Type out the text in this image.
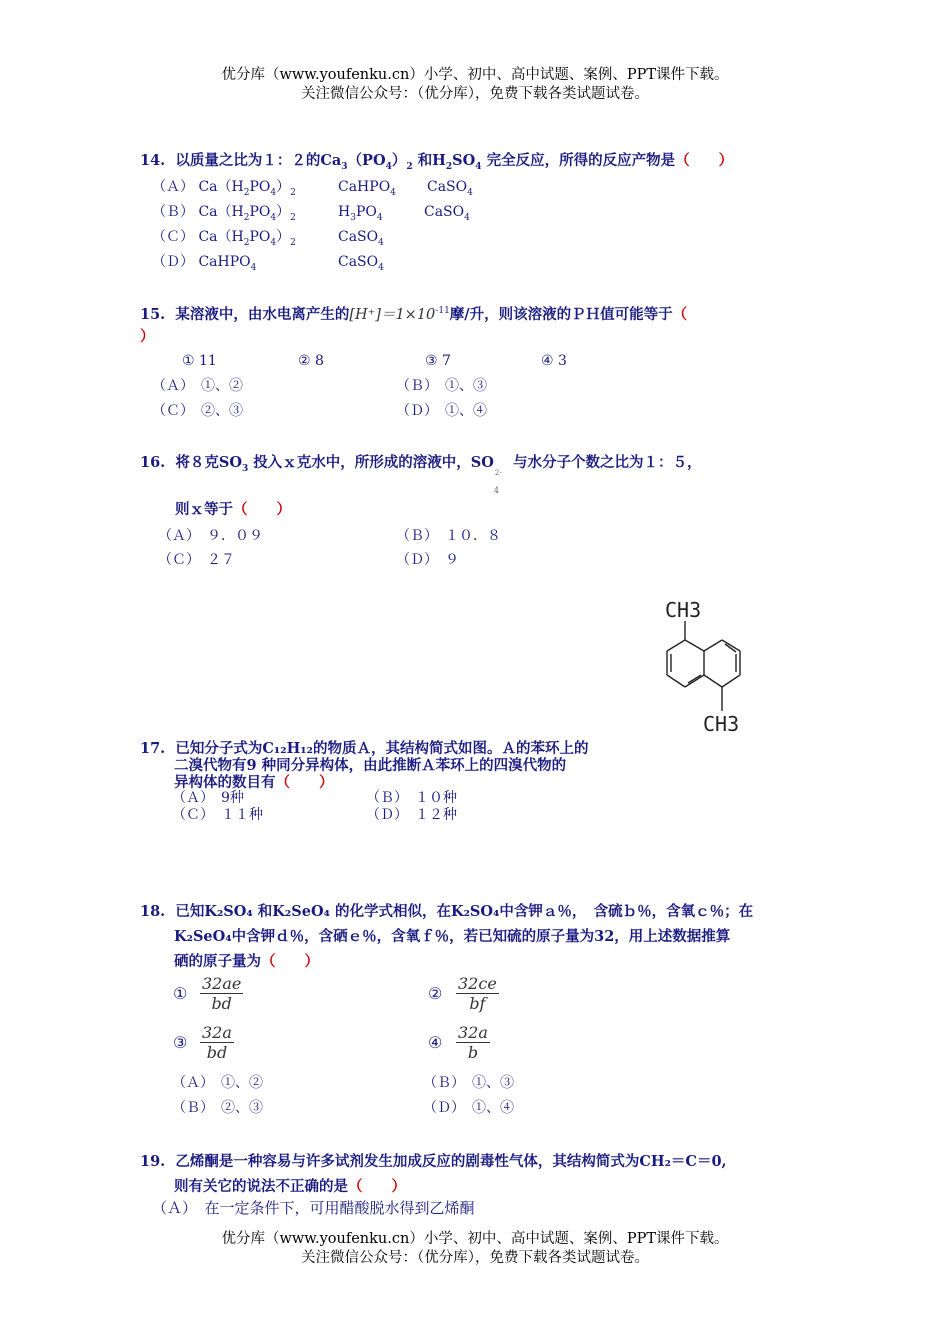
优分库（www.youfenku.cn）小学、初中、高中试题、案例、PPT课件下载。
关注微信公众号：（优分库），免费下载各类试题试卷。
14. 以质量之比为１：２的$Ca_3(PO_4)_2$ 和$H_2SO_4$ 完全反应，所得的反应产物是（　　）
（Ａ） $Ca(H_2PO_4)_2$	CaHPO$_4$ CaSO$_4$
（Ｂ） $Ca(H_2PO_4)_2$	$H_3PO_4$	CaSO$_4$
（Ｃ） $Ca(H_2PO_4)_2$	CaSO$_4$
（Ｄ） CaHPO$_4$	CaSO$_4$
15. 某溶液中，由水电离产生的$[H^+]=1\times 10^{-11}$摩/升，则该溶液的ＰＨ值可能等于（
）
① 11	② 8	③ 7	④ 3
（Ａ）　①、②	（Ｂ）　①、③
（Ｃ）　②、③	（Ｄ）　①、④
16. 将８克$SO_3$ 投入ｘ克水中，所形成的溶液中，SO
2-
4
与水分子个数之比为１：５，
则ｘ等于（　　）
（Ａ）　９．０９	（Ｂ）　１０．８
（Ｃ）　２７	（Ｄ）　９
CH3
CH3
17. 已知分子式为C₁₂H₁₂的物质Ａ，其结构简式如图。Ａ的苯环上的
二溴代物有9 种同分异构体，由此推断Ａ苯环上的四溴代物的
异构体的数目有（　　）
（Ａ）　9种	（Ｂ）　１０种
（Ｃ）　１１种	（Ｄ）　１２种
18. 已知K₂SO₄ 和K₂SeO₄ 的化学式相似，在K₂SO₄中含钾ａ％，　含硫ｂ％，含氧ｃ％；在
K₂SeO₄中含钾ｄ％，含硒ｅ％，含氧ｆ％，若已知硫的原子量为32，用上述数据推算
硒的原子量为（　　）
① $\frac{32ae}{bd}$	② $\frac{32ce}{bf}$
③ $\frac{32a}{bd}$	④ $\frac{32a}{b}$
（Ａ）　①、②	（Ｂ）　①、③
（Ｂ）　②、③	（Ｄ）　①、④
19. 乙烯酮是一种容易与许多试剂发生加成反应的剧毒性气体，其结构简式为CH₂＝C＝0,
则有关它的说法不正确的是（　　）
（Ａ）　在一定条件下，可用醋酸脱水得到乙烯酮
优分库（www.youfenku.cn）小学、初中、高中试题、案例、PPT课件下载。
关注微信公众号：（优分库），免费下载各类试题试卷。
